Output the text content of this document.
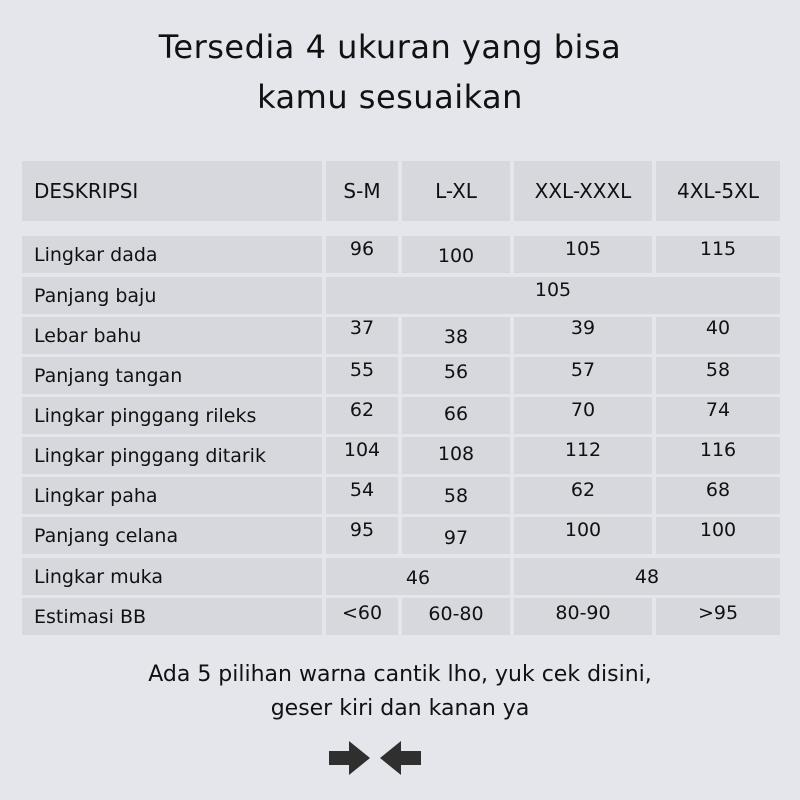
Tersedia 4 ukuran yang bisa
kamu sesuaikan
DESKRIPSI	S-M	L-XL	XXL-XXXL	4XL-5XL
Lingkar dada	96	100	105	115
Panjang baju	105
Lebar bahu	37	38	39	40
Panjang tangan	55	56	57	58
Lingkar pinggang rileks	62	66	70	74
Lingkar pinggang ditarik	104	108	112	116
Lingkar paha	54	58	62	68
Panjang celana	95	97	100	100
Lingkar muka	46	48
Estimasi BB	<60	60-80	80-90	>95
Ada 5 pilihan warna cantik lho, yuk cek disini,
geser kiri dan kanan ya
